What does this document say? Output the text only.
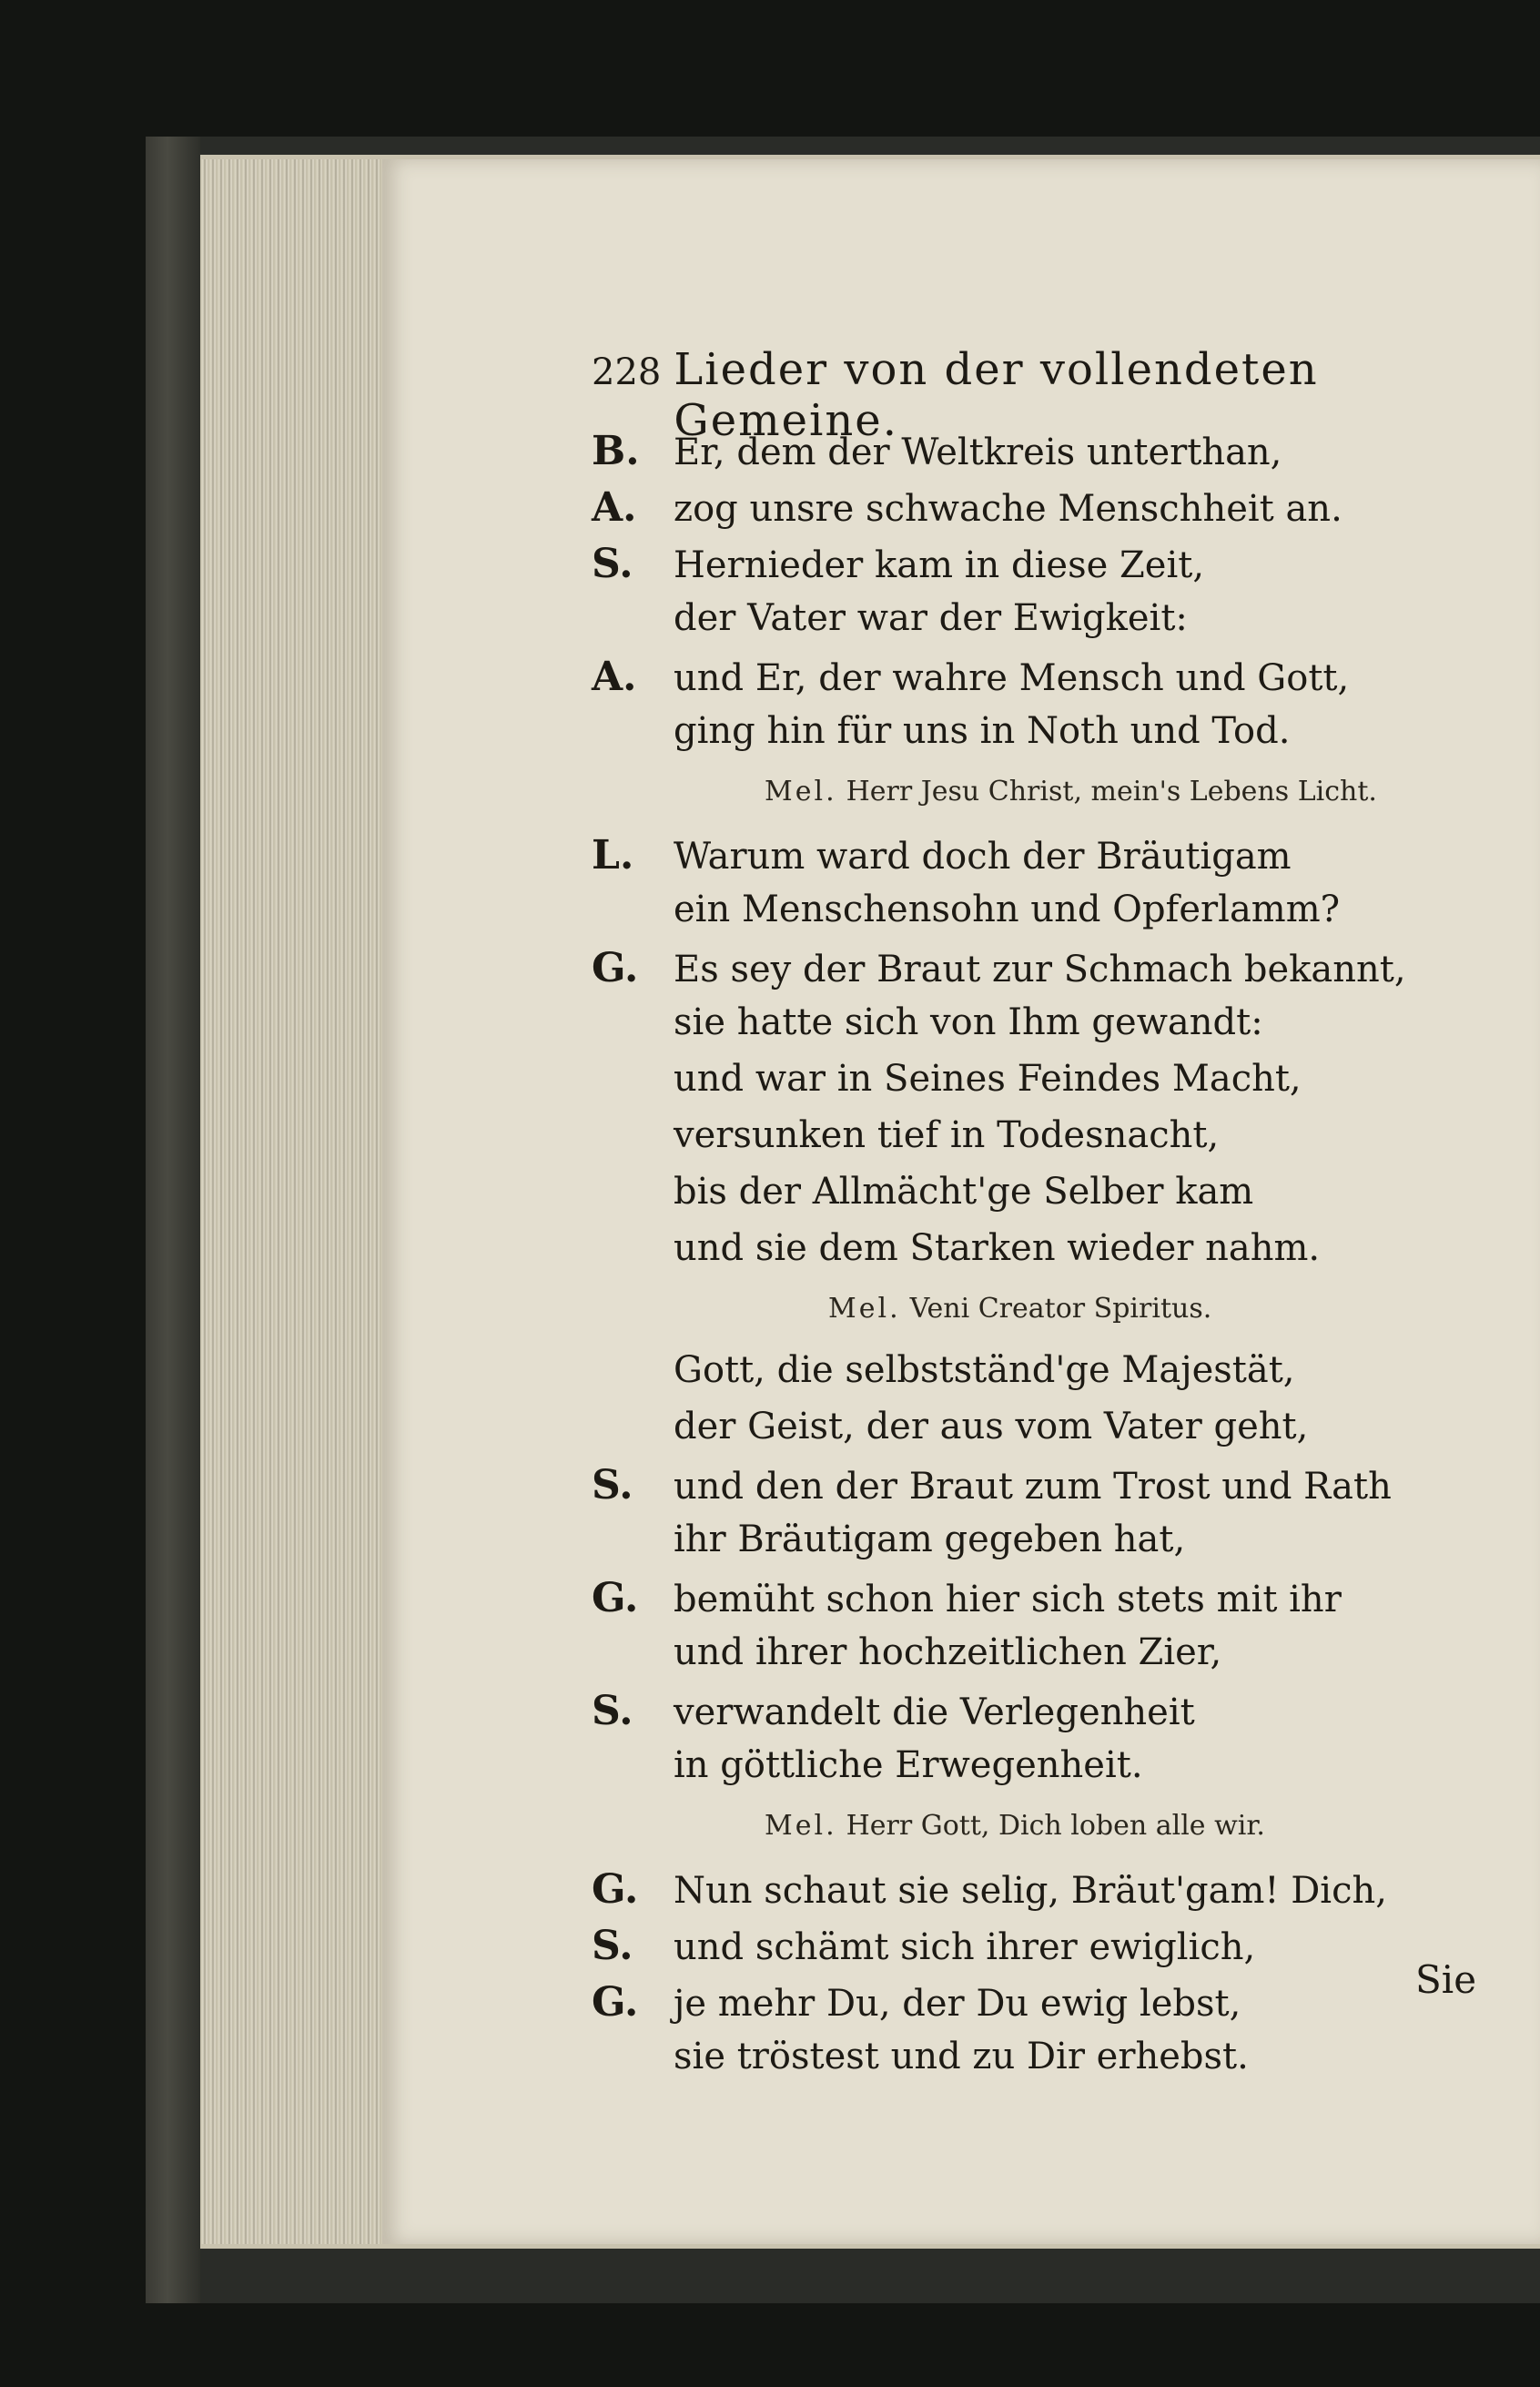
228 Lieder von der vollendeten Gemeine.
B. Er, dem der Weltkreis unterthan,
A.	zog unsre schwache Menschheit an.
S.	Hernieder kam in diese Zeit,
der Vater war der Ewigkeit:
A.	und Er, der wahre Mensch und Gott,
ging hin für uns in Noth und Tod.
Mel. Herr Jesu Christ, mein's Lebens Licht.
L.	Warum ward doch der Bräutigam
ein Menschensohn und Opferlamm?
G. Es sey der Braut zur Schmach bekannt,
sie hatte sich von Ihm gewandt:
und war in Seines Feindes Macht,
versunken tief in Todesnacht,
bis der Allmächt'ge Selber kam
und sie dem Starken wieder nahm.
Mel. Veni Creator Spiritus.
Gott, die selbstständ'ge Majestät,
der Geist, der aus vom Vater geht,
S.	und den der Braut zum Trost und Rath
ihr Bräutigam gegeben hat,
G. bemüht schon hier sich stets mit ihr
und ihrer hochzeitlichen Zier,
S.	verwandelt die Verlegenheit
in göttliche Erwegenheit.
Mel. Herr Gott, Dich loben alle wir.
G. Nun schaut sie selig, Bräut'gam! Dich,
S.	und schämt sich ihrer ewiglich,
G. je mehr Du, der Du ewig lebst,
sie tröstest und zu Dir erhebst.
Sie
